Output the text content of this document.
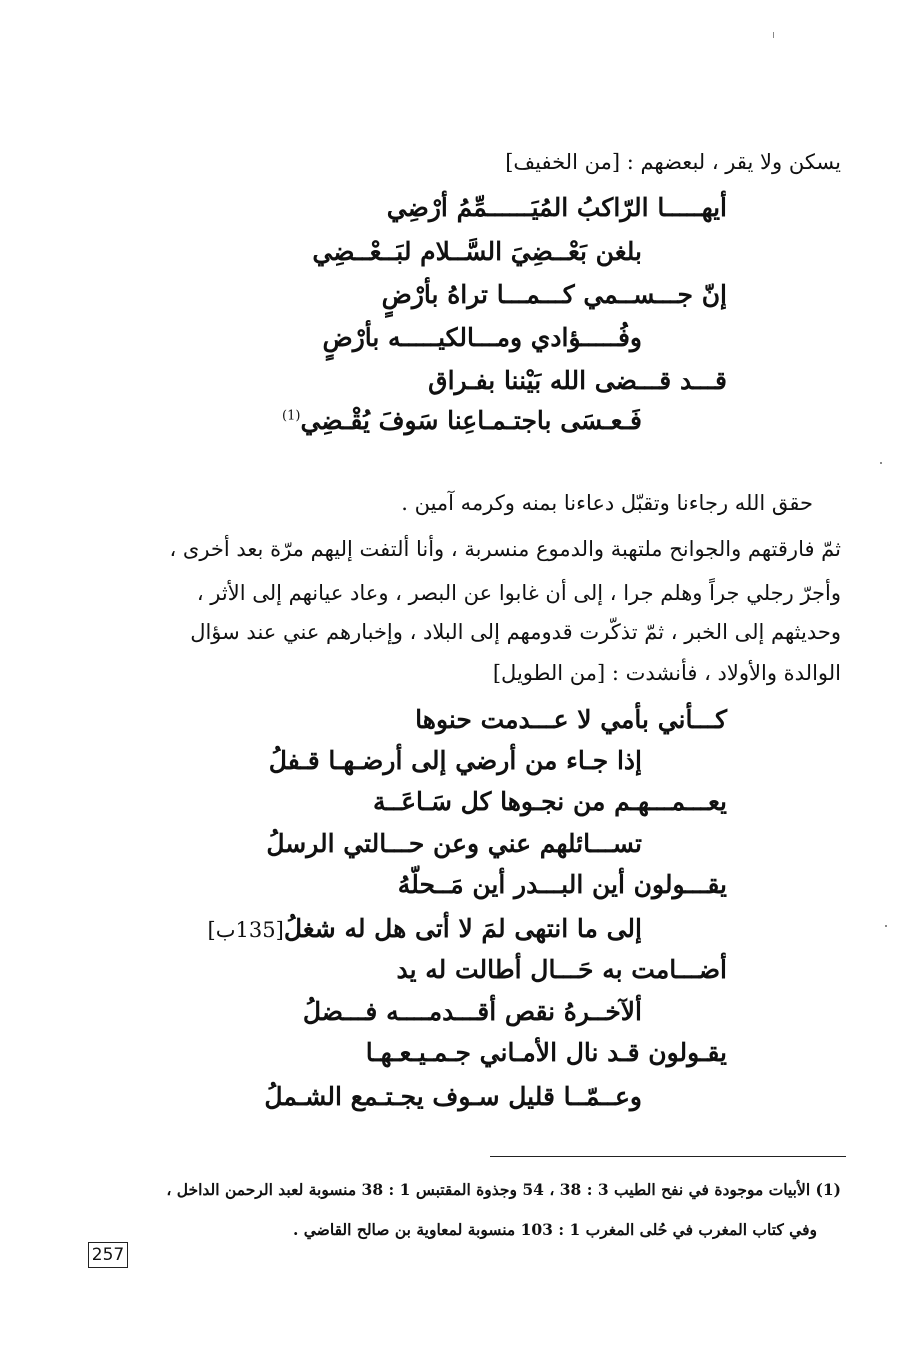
يسكن ولا يقر ، لبعضهم : [من الخفيف]
أيهـــــا الرّاكبُ المُيَــــــمِّمُ أرْضِي
بلغن بَعْــضِيَ السَّــلام لبَــعْــضِي
إنّ جـــســمي كـــمـــا تراهُ بأرْضٍ
وفُـــــؤادي ومـــالكيـــــه بأرْضٍ
قـــد قـــضى الله بَيْننا بفـراق
فَـعـسَى باجتـمـاعِنا سَوفَ يُقْـضِي$^{(1)}$
حقق الله رجاءنا وتقبّل دعاءنا بمنه وكرمه آمين .
ثمّ فارقتهم والجوانح ملتهبة والدموع منسربة ، وأنا ألتفت إليهم مرّة بعد أخرى ،
وأجرّ رجلي جراً وهلم جرا ، إلى أن غابوا عن البصر ، وعاد عيانهم إلى الأثر ،
وحديثهم إلى الخبر ، ثمّ تذكّرت قدومهم إلى البلاد ، وإخبارهم عني عند سؤال
الوالدة والأولاد ، فأنشدت : [من الطويل]
كـــأني بأمي لا عـــدمت حنوها
إذا جـاء من أرضي إلى أرضـهـا قـفلُ
يعـــمـــهـم من نجـوها كل سَـاعَــة
تســـائلهم عني وعن حـــالتي الرسلُ
يقـــولون أين البـــدر أين مَــحلّهُ
إلى ما انتهى لمَ لا أتى هل له شغلُ[135ب]
أضـــامت به حَـــال أطالت له يد
ألآخــرهُ نقص أقـــدمــــه فـــضلُ
يقـولون قـد نال الأمـاني جـمـيـعـهـا
وعــمّــا قليل سـوف يجـتـمع الشـملُ
(1) الأبيات موجودة في نفح الطيب 3 : 38 ، 54 وجذوة المقتبس 1 : 38 منسوبة لعبد الرحمن الداخل ،
وفي كتاب المغرب في حُلى المغرب 1 : 103 منسوبة لمعاوية بن صالح القاضي .
257
